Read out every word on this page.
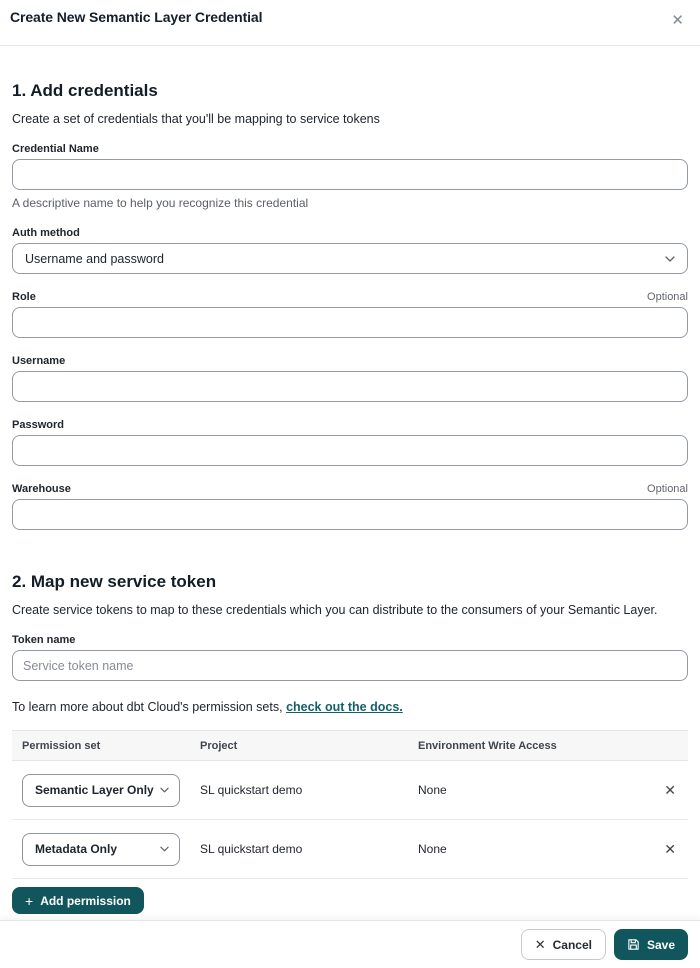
Create New Semantic Layer Credential	✕
1. Add credentials

Create a set of credentials that you'll be mapping to service tokens

Credential Name
A descriptive name to help you recognize this credential
Auth method
Username and password
Role	Optional
Username
Password
Warehouse	Optional
2. Map new service token

Create service tokens to map to these credentials which you can distribute to the consumers of your Semantic Layer.

Token name
Service token name

To learn more about dbt Cloud's permission sets, check out the docs.

Permission set	Project	Environment Write Access
Semantic Layer Only	SL quickstart demo	None	✕
Metadata Only	SL quickstart demo	None	✕
+ Add permission
✕ Cancel	Save
